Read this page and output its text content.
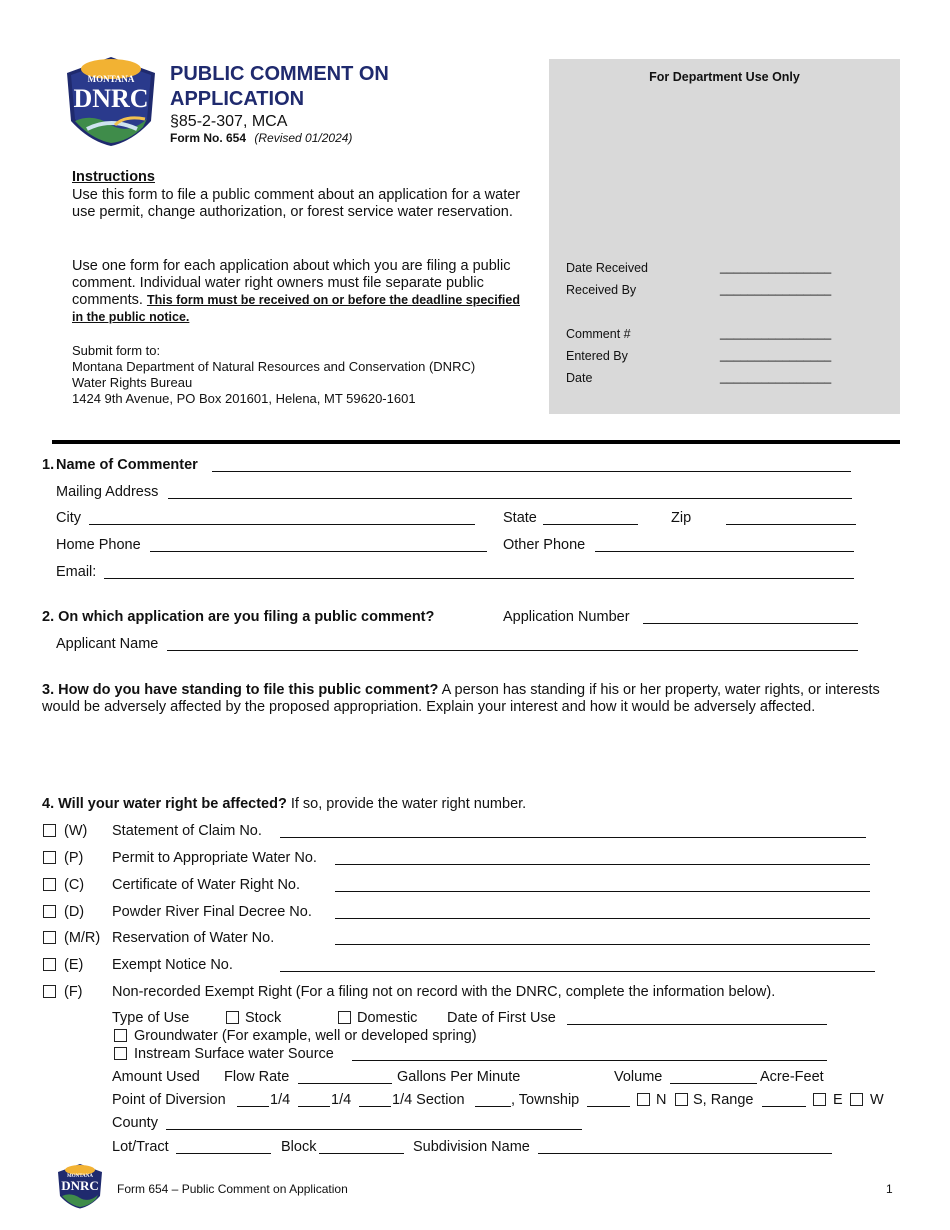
MONTANA
DNRC
PUBLIC COMMENT ON
APPLICATION
§85-2-307, MCA
Form No. 654 (Revised 01/2024)
Instructions
Use this form to file a public comment about an application for a water use permit, change authorization, or forest service water reservation.
Use one form for each application about which you are filing a public comment. Individual water right owners must file separate public comments. This form must be received on or before the deadline specified in the public notice.
Submit form to:
Montana Department of Natural Resources and Conservation (DNRC)
Water Rights Bureau
1424 9th Avenue, PO Box 201601, Helena, MT 59620-1601
For Department Use Only
Date Received	________________
Received By	________________
Comment #	________________
Entered By	________________
Date	________________
1. Name of Commenter
Mailing Address
City	State	Zip
Home Phone	Other Phone
Email:
2. On which application are you filing a public comment?	Application Number
Applicant Name
3. How do you have standing to file this public comment? A person has standing if his or her property, water rights, or interests would be adversely affected by the proposed appropriation. Explain your interest and how it would be adversely affected.
4. Will your water right be affected? If so, provide the water right number.
(W) Statement of Claim No.
(P) Permit to Appropriate Water No.
(C) Certificate of Water Right No.
(D) Powder River Final Decree No.
(M/R) Reservation of Water No.
(E) Exempt Notice No.
(F) Non-recorded Exempt Right (For a filing not on record with the DNRC, complete the information below).
Type of Use	Stock	Domestic Date of First Use
Groundwater (For example, well or developed spring)
Instream Surface water Source
Amount Used Flow Rate	Gallons Per Minute	Volume	Acre-Feet
Point of Diversion	1/4	1/4	1/4 Section	, Township	N S, Range	E W
County
Lot/Tract	Block	Subdivision Name
MONTANA
DNRC Form 654 – Public Comment on Application	1
